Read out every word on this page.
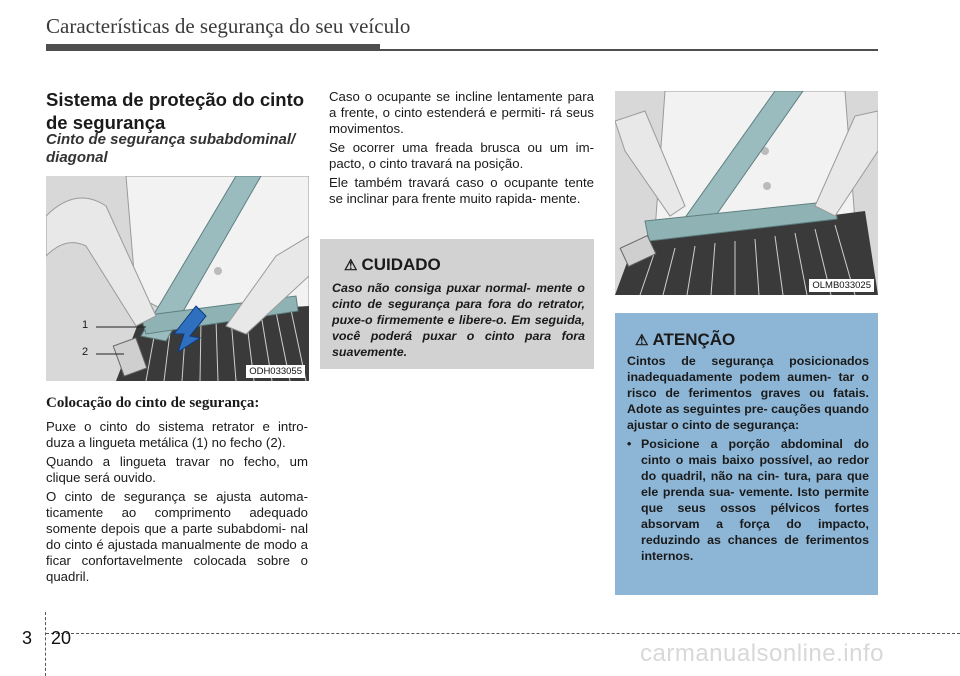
Características de segurança do seu veículo
Sistema de proteção do cinto de segurança
Cinto de segurança subabdominal/ diagonal
1
2
ODH033055
Colocação do cinto de segurança:

Puxe o cinto do sistema retrator e intro- duza a lingueta metálica (1) no fecho (2).

Quando a lingueta travar no fecho, um clique será ouvido.

O cinto de segurança se ajusta automa- ticamente ao comprimento adequado somente depois que a parte subabdomi- nal do cinto é ajustada manualmente de modo a ficar confortavelmente colocada sobre o quadril.

Caso o ocupante se incline lentamente para a frente, o cinto estenderá e permiti- rá seus movimentos.

Se ocorrer uma freada brusca ou um im- pacto, o cinto travará na posição.

Ele também travará caso o ocupante tente se inclinar para frente muito rapida- mente.

⚠ CUIDADO
Caso não consiga puxar normal- mente o cinto de segurança para fora do retrator, puxe-o firmemente e libere-o. Em seguida, você poderá puxar o cinto para fora suavemente.
OLMB033025
⚠ ATENÇÃO

Cintos de segurança posicionados inadequadamente podem aumen- tar o risco de ferimentos graves ou fatais. Adote as seguintes pre- cauções quando ajustar o cinto de segurança:

• Posicione a porção abdominal do cinto o mais baixo possível, ao redor do quadril, não na cin- tura, para que ele prenda sua- vemente. Isto permite que seus ossos pélvicos fortes absorvam a força do impacto, reduzindo as chances de ferimentos internos.
3 20
carmanualsonline.info
